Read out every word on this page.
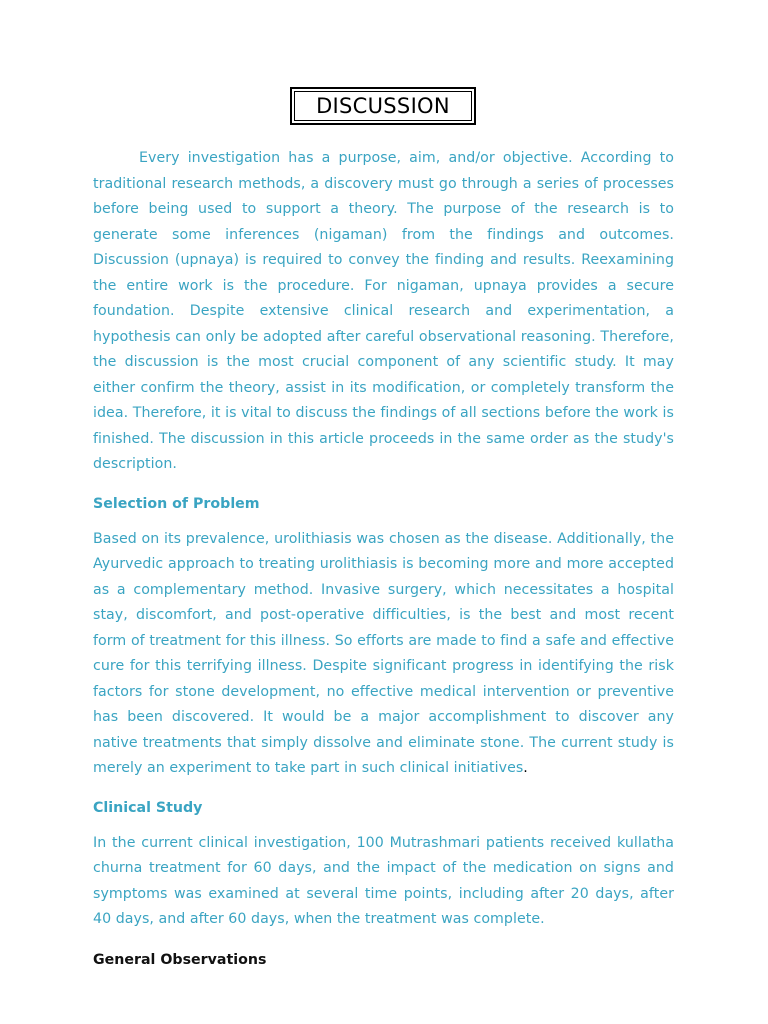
DISCUSSION

Every investigation has a purpose, aim, and/or objective. According to traditional research methods, a discovery must go through a series of processes before being used to support a theory. The purpose of the research is to generate some inferences (nigaman) from the findings and outcomes. Discussion (upnaya) is required to convey the finding and results. Reexamining the entire work is the procedure. For nigaman, upnaya provides a secure foundation. Despite extensive clinical research and experimentation, a hypothesis can only be adopted after careful observational reasoning. Therefore, the discussion is the most crucial component of any scientific study. It may either confirm the theory, assist in its modification, or completely transform the idea. Therefore, it is vital to discuss the findings of all sections before the work is finished. The discussion in this article proceeds in the same order as the study's description.

Selection of Problem

Based on its prevalence, urolithiasis was chosen as the disease. Additionally, the Ayurvedic approach to treating urolithiasis is becoming more and more accepted as a complementary method. Invasive surgery, which necessitates a hospital stay, discomfort, and post-operative difficulties, is the best and most recent form of treatment for this illness. So efforts are made to find a safe and effective cure for this terrifying illness. Despite significant progress in identifying the risk factors for stone development, no effective medical intervention or preventive has been discovered. It would be a major accomplishment to discover any native treatments that simply dissolve and eliminate stone. The current study is merely an experiment to take part in such clinical initiatives.

Clinical Study

In the current clinical investigation, 100 Mutrashmari patients received kullatha churna treatment for 60 days, and the impact of the medication on signs and symptoms was examined at several time points, including after 20 days, after 40 days, and after 60 days, when the treatment was complete.

General Observations
